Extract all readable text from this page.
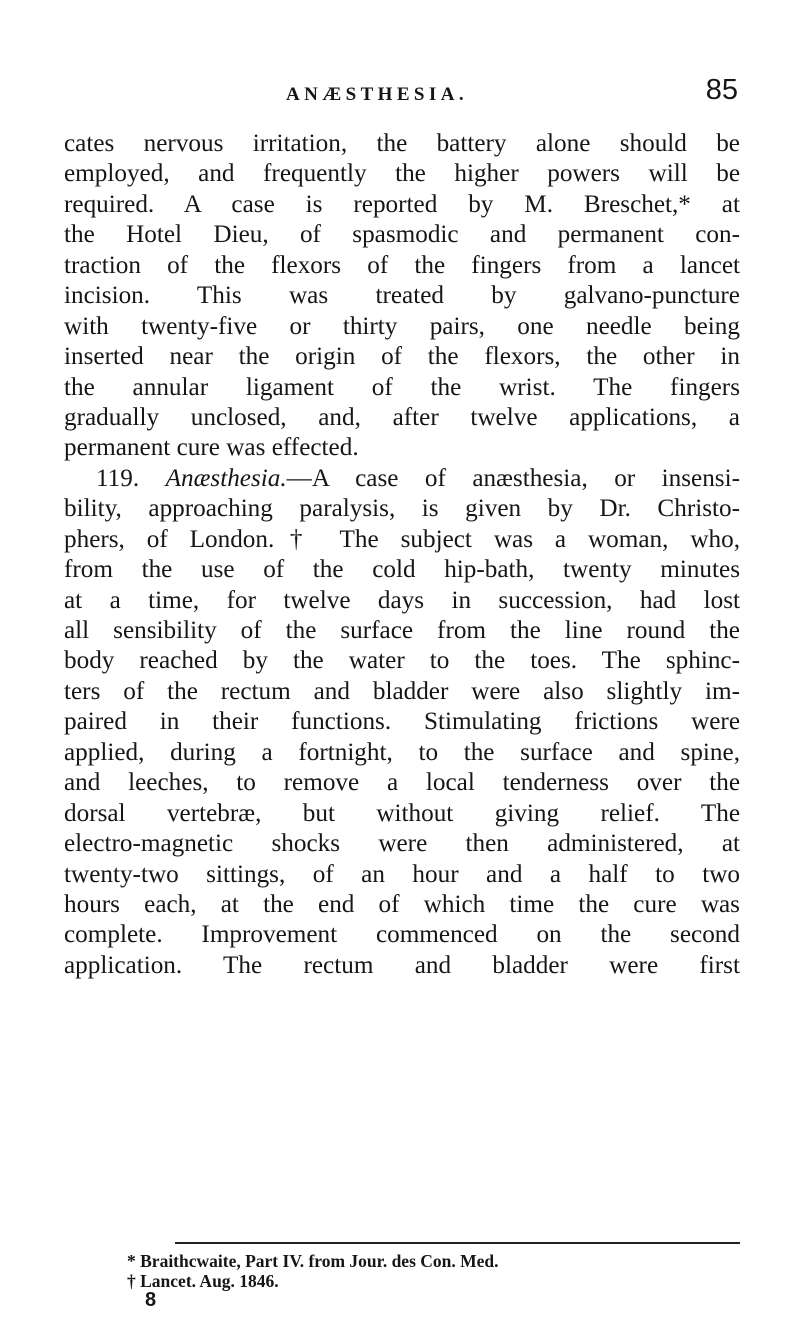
ANÆSTHESIA.	85
cates nervous irritation, the battery alone should be
employed, and frequently the higher powers will be
required. A case is reported by M. Breschet,* at
the Hotel Dieu, of spasmodic and permanent con-
traction of the flexors of the fingers from a lancet
incision. This was treated by galvano-puncture
with twenty-five or thirty pairs, one needle being
inserted near the origin of the flexors, the other in
the annular ligament of the wrist. The fingers
gradually unclosed, and, after twelve applications, a
permanent cure was effected.
119. Anæsthesia.—A case of anæsthesia, or insensi-
bility, approaching paralysis, is given by Dr. Christo-
phers, of London.† The subject was a woman, who,
from the use of the cold hip-bath, twenty minutes
at a time, for twelve days in succession, had lost
all sensibility of the surface from the line round the
body reached by the water to the toes. The sphinc-
ters of the rectum and bladder were also slightly im-
paired in their functions. Stimulating frictions were
applied, during a fortnight, to the surface and spine,
and leeches, to remove a local tenderness over the
dorsal vertebræ, but without giving relief. The
electro-magnetic shocks were then administered, at
twenty-two sittings, of an hour and a half to two
hours each, at the end of which time the cure was
complete. Improvement commenced on the second
application. The rectum and bladder were first
* Braithcwaite, Part IV. from Jour. des Con. Med.
† Lancet. Aug. 1846.
8
